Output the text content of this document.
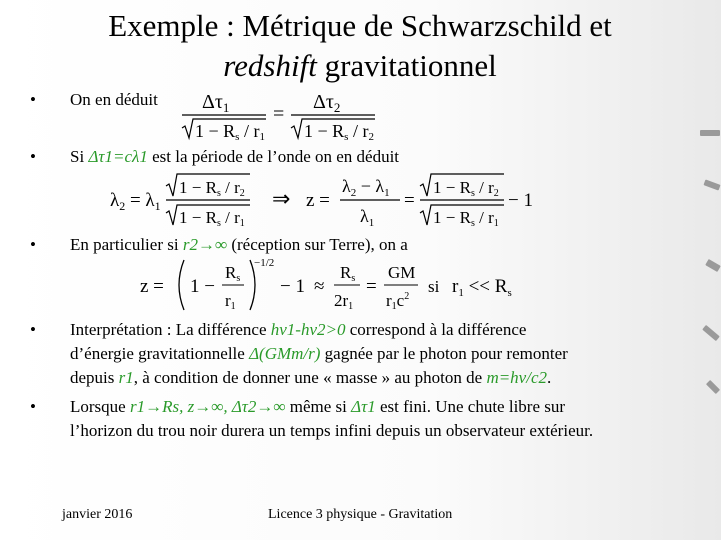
Exemple : Métrique de Schwarzschild et
redshift gravitationnel
• On en déduit $\Delta\tau_1$
1 − Rs / r1
=
$\Delta\tau_2$
1 − Rs / r2
• Si Δτ1=cλ1 est la période de l’onde on en déduit
$\lambda_2 = \lambda_1$
1 − Rs / r2
1 − Rs / r1
⇒ z =
$\lambda_2 - \lambda_1$
$\lambda_1$
=
1 − Rs / r2
1 − Rs / r1
− 1
• En particulier si r2→∞ (réception sur Terre), on a
z = 1 −
Rs
r1
−1/2
− 1 ≈
Rs
2r1
=
GM
$r1c^2$
si $r_1 << R_s$
• Interprétation : La différence hν1-hν2>0 correspond à la différence
d’énergie gravitationnelle Δ(GMm/r) gagnée par le photon pour remonter
depuis r1, à condition de donner une « masse » au photon de m=hν/c2.
• Lorsque r1→Rs, z→∞, Δτ2→∞ même si Δτ1 est fini. Une chute libre sur
l’horizon du trou noir durera un temps infini depuis un observateur extérieur.
janvier 2016	Licence 3 physique - Gravitation
